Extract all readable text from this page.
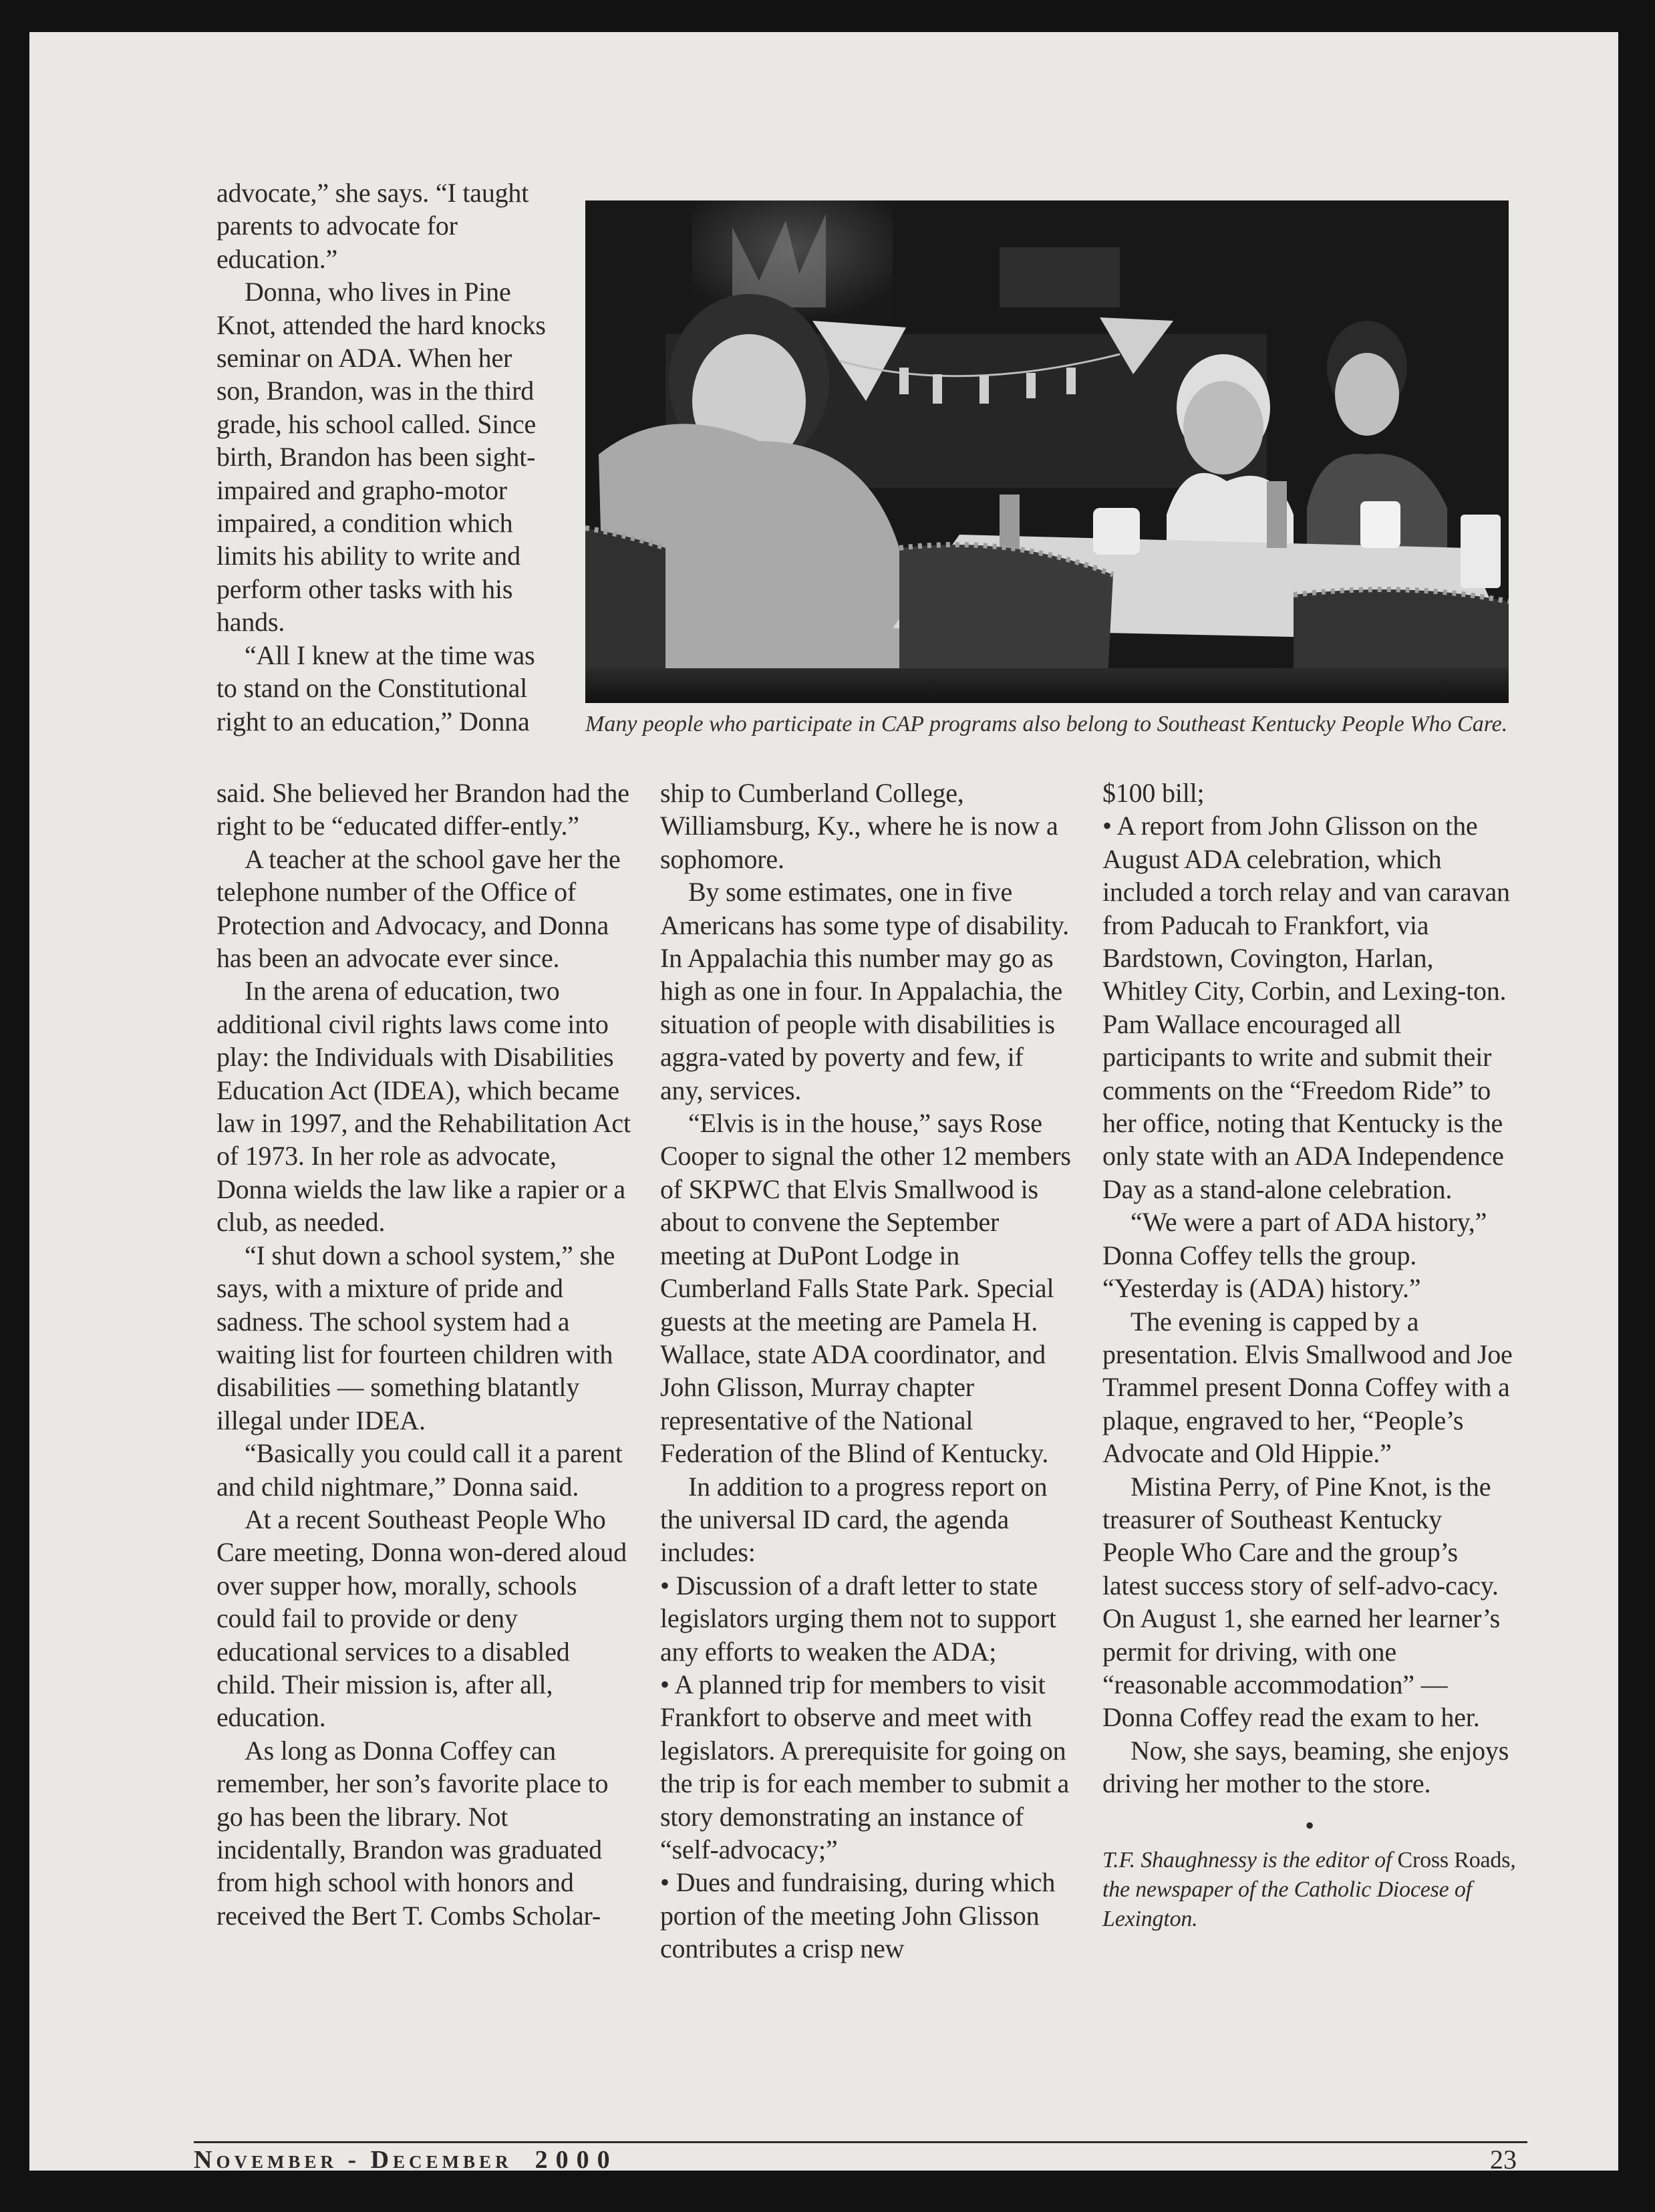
advocate,” she says. “I taught parents to advocate for education.”

Donna, who lives in Pine Knot, attended the hard knocks seminar on ADA. When her son, Brandon, was in the third grade, his school called. Since birth, Brandon has been sight-impaired and grapho-motor impaired, a condition which limits his ability to write and perform other tasks with his hands.

“All I knew at the time was to stand on the Constitutional right to an education,” Donna	Many people who participate in CAP programs also belong to Southeast Kentucky People Who Care.

said. She believed her Brandon had the right to be “educated differ-ently.”

A teacher at the school gave her the telephone number of the Office of Protection and Advocacy, and Donna has been an advocate ever since.

In the arena of education, two additional civil rights laws come into play: the Individuals with Disabilities Education Act (IDEA), which became law in 1997, and the Rehabilitation Act of 1973. In her role as advocate, Donna wields the law like a rapier or a club, as needed.

“I shut down a school system,” she says, with a mixture of pride and sadness. The school system had a waiting list for fourteen children with disabilities — something blatantly illegal under IDEA.

“Basically you could call it a parent and child nightmare,” Donna said.

At a recent Southeast People Who Care meeting, Donna won-dered aloud over supper how, morally, schools could fail to provide or deny educational services to a disabled child. Their mission is, after all, education.

As long as Donna Coffey can remember, her son’s favorite place to go has been the library. Not incidentally, Brandon was graduated from high school with honors and received the Bert T. Combs Scholar-

ship to Cumberland College, Williamsburg, Ky., where he is now a sophomore.

By some estimates, one in five Americans has some type of disability. In Appalachia this number may go as high as one in four. In Appalachia, the situation of people with disabilities is aggra-vated by poverty and few, if any, services.

“Elvis is in the house,” says Rose Cooper to signal the other 12 members of SKPWC that Elvis Smallwood is about to convene the September meeting at DuPont Lodge in Cumberland Falls State Park. Special guests at the meeting are Pamela H. Wallace, state ADA coordinator, and John Glisson, Murray chapter representative of the National Federation of the Blind of Kentucky.

In addition to a progress report on the universal ID card, the agenda includes:

• Discussion of a draft letter to state legislators urging them not to support any efforts to weaken the ADA;

• A planned trip for members to visit Frankfort to observe and meet with legislators. A prerequisite for going on the trip is for each member to submit a story demonstrating an instance of “self-advocacy;”

• Dues and fundraising, during which portion of the meeting John Glisson contributes a crisp new

$100 bill;

• A report from John Glisson on the August ADA celebration, which included a torch relay and van caravan from Paducah to Frankfort, via Bardstown, Covington, Harlan, Whitley City, Corbin, and Lexing-ton. Pam Wallace encouraged all participants to write and submit their comments on the “Freedom Ride” to her office, noting that Kentucky is the only state with an ADA Independence Day as a stand-alone celebration.

“We were a part of ADA history,” Donna Coffey tells the group. “Yesterday is (ADA) history.”

The evening is capped by a presentation. Elvis Smallwood and Joe Trammel present Donna Coffey with a plaque, engraved to her, “People’s Advocate and Old Hippie.”

Mistina Perry, of Pine Knot, is the treasurer of Southeast Kentucky People Who Care and the group’s latest success story of self-advo-cacy. On August 1, she earned her learner’s permit for driving, with one “reasonable accommodation” — Donna Coffey read the exam to her.

Now, she says, beaming, she enjoys driving her mother to the store.

•

T.F. Shaughnessy is the editor of Cross Roads, the newspaper of the Catholic Diocese of Lexington.

November - December 2000	23
